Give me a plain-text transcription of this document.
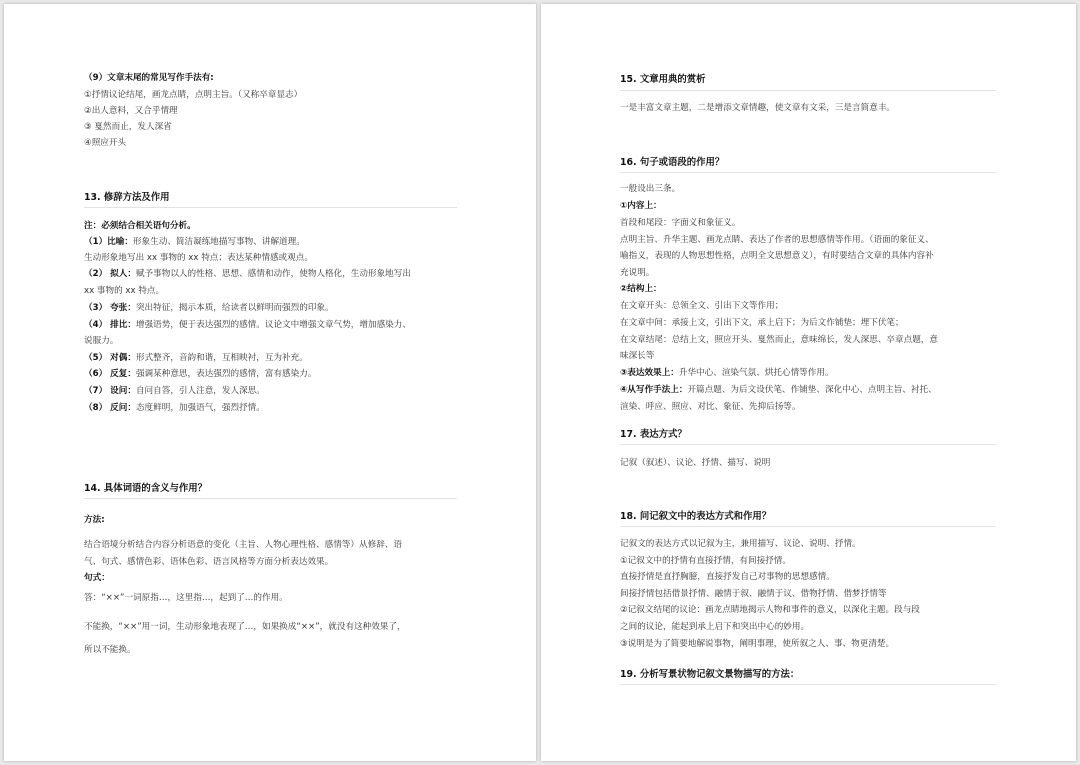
（9）文章末尾的常见写作手法有:
①抒情议论结尾，画龙点睛，点明主旨。（又称卒章显志）
②出人意料，又合乎情理
③ 戛然而止，发人深省
④照应开头
13. 修辞方法及作用
注：必须结合相关语句分析。
（1）比喻：形象生动、简洁凝练地描写事物、讲解道理。
生动形象地写出 xx 事物的 xx 特点；表达某种情感或观点。
（2） 拟人：赋予事物以人的性格、思想、感情和动作，使物人格化，生动形象地写出
xx 事物的 xx 特点。
（3） 夸张：突出特征，揭示本质，给读者以鲜明而强烈的印象。
（4） 排比：增强语势，便于表达强烈的感情。议论文中增强文章气势，增加感染力、
说服力。
（5） 对偶：形式整齐，音韵和谐，互相映衬，互为补充。
（6） 反复：强调某种意思，表达强烈的感情，富有感染力。
（7） 设问：自问自答，引人注意，发人深思。
（8） 反问：态度鲜明，加强语气，强烈抒情。
14. 具体词语的含义与作用？
方法:
结合语境分析结合内容分析语意的变化（主旨、人物心理性格、感情等）从修辞、语
气、句式、感情色彩、语体色彩、语言风格等方面分析表达效果。
句式：
答：“××”一词原指…，这里指…，起到了…的作用。
不能换，“××”用一词，生动形象地表现了…，如果换成“××”，就没有这种效果了，
所以不能换。
15. 文章用典的赏析
一是丰富文章主题，二是增添文章情趣，使文章有文采，三是言简意丰。
16. 句子或语段的作用？
一般设出三条。
①内容上：
首段和尾段：字面义和象征义。
点明主旨、升华主题、画龙点睛、表达了作者的思想感情等作用。（语面的象征义、
喻指义，表现的人物思想性格，点明全文思想意义），有时要结合文章的具体内容补
充说明。
②结构上：
在文章开头：总领全文、引出下文等作用；
在文章中间：承接上文，引出下文，承上启下；为后文作铺垫；埋下伏笔；
在文章结尾：总结上文，照应开头、戛然而止，意味绵长，发人深思、卒章点题，意
味深长等
③表达效果上：升华中心、渲染气氛、烘托心情等作用。
④从写作手法上：开篇点题、为后文设伏笔、作铺垫、深化中心、点明主旨、衬托、
渲染、呼应、照应、对比、象征、先抑后扬等。
17. 表达方式？
记叙（叙述）、议论、抒情、描写、说明
18. 问记叙文中的表达方式和作用？
记叙文的表达方式以记叙为主，兼用描写、议论、说明、抒情。
①记叙文中的抒情有直接抒情，有间接抒情。
直接抒情是直抒胸臆，直接抒发自己对事物的思想感情。
间接抒情包括借景抒情、融情于叙、融情于议、借物抒情、借梦抒情等
②记叙文结尾的议论：画龙点睛地揭示人物和事件的意义，以深化主题。段与段
之间的议论，能起到承上启下和突出中心的妙用。
③说明是为了简要地解说事物，阐明事理，使所叙之人、事、物更清楚。
19. 分析写景状物记叙文景物描写的方法：
